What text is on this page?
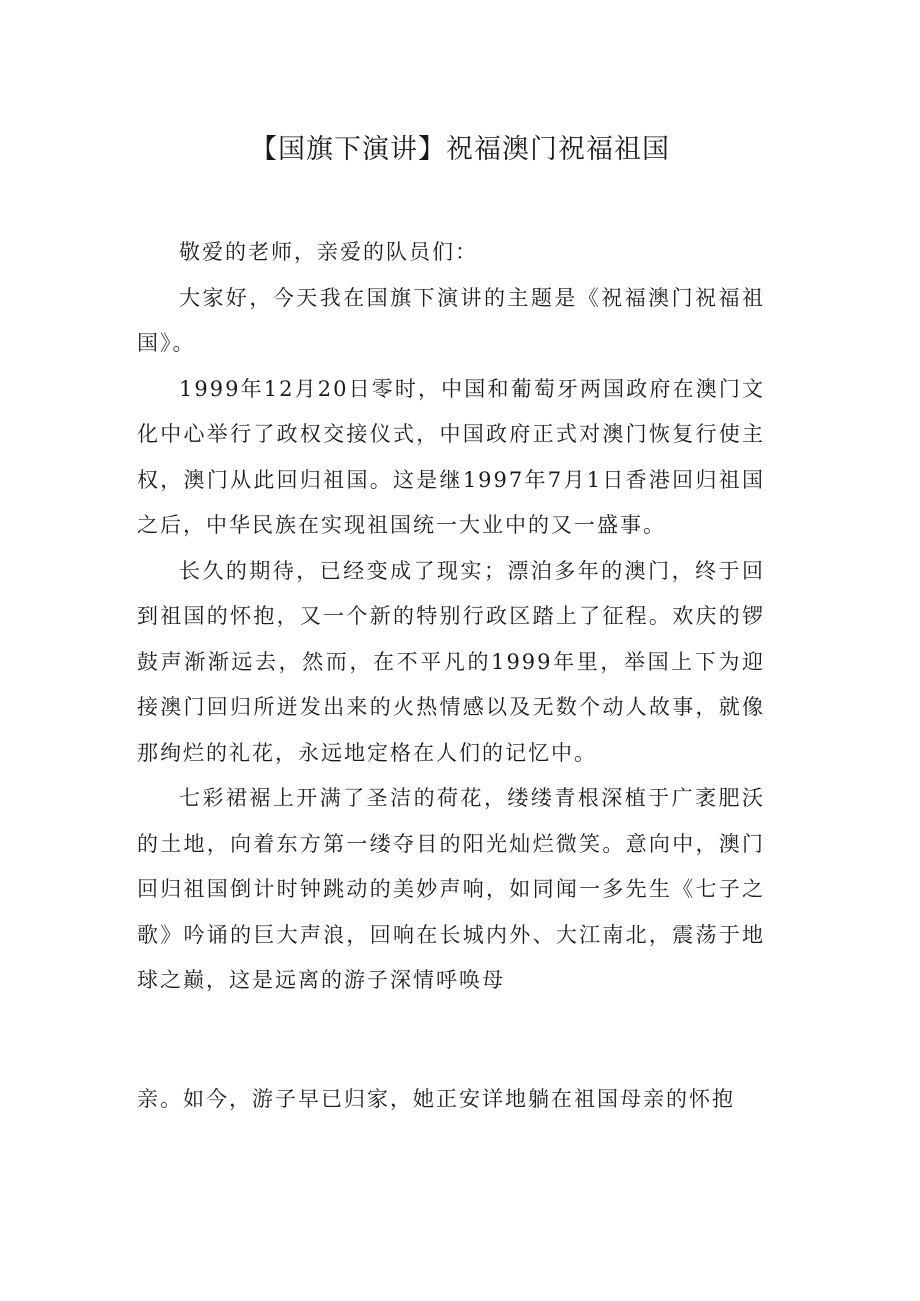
【国旗下演讲】祝福澳门祝福祖国

敬爱的老师，亲爱的队员们：

大家好，今天我在国旗下演讲的主题是《祝福澳门祝福祖国》。

1999年12月20日零时，中国和葡萄牙两国政府在澳门文化中心举行了政权交接仪式，中国政府正式对澳门恢复行使主权，澳门从此回归祖国。这是继1997年7月1日香港回归祖国之后，中华民族在实现祖国统一大业中的又一盛事。

长久的期待，已经变成了现实；漂泊多年的澳门，终于回到祖国的怀抱，又一个新的特别行政区踏上了征程。欢庆的锣鼓声渐渐远去，然而，在不平凡的1999年里，举国上下为迎接澳门回归所迸发出来的火热情感以及无数个动人故事，就像那绚烂的礼花，永远地定格在人们的记忆中。

七彩裙裾上开满了圣洁的荷花，缕缕青根深植于广袤肥沃的土地，向着东方第一缕夺目的阳光灿烂微笑。意向中，澳门回归祖国倒计时钟跳动的美妙声响，如同闻一多先生《七子之歌》吟诵的巨大声浪，回响在长城内外、大江南北，震荡于地球之巅，这是远离的游子深情呼唤母

亲。如今，游子早已归家，她正安详地躺在祖国母亲的怀抱
